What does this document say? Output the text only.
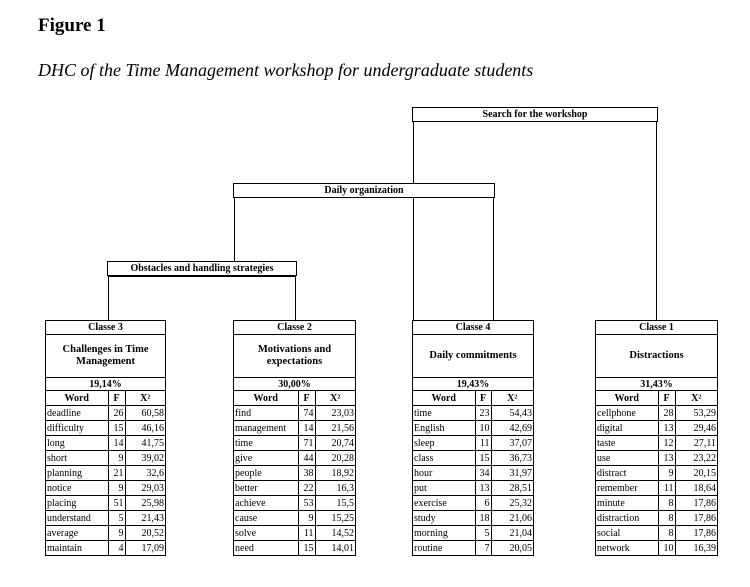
Figure 1
DHC of the Time Management workshop for undergraduate students
Search for the workshop
Daily organization
Obstacles and handling strategies
Classe 3
Challenges in Time Management
19,14%
Word	F	X²
deadline	26	60,58
difficulty	15	46,16
long	14	41,75
short	9	39,02
planning	21	32,6
notice	9	29,03
placing	51	25,98
understand	5	21,43
average	9	20,52
maintain	4	17,09
Classe 2
Motivations and expectations
30,00%
Word	F	X²
find	74	23,03
management	14	21,56
time	71	20,74
give	44	20,28
people	38	18,92
better	22	16,3
achieve	53	15,5
cause	9	15,25
solve	11	14,52
need	15	14,01
Classe 4
Daily commitments
19,43%
Word	F	X²
time	23	54,43
English	10	42,69
sleep	11	37,07
class	15	36,73
hour	34	31,97
put	13	28,51
exercise	6	25,32
study	18	21,06
morning	5	21,04
routine	7	20,05
Classe 1
Distractions
31,43%
Word	F	X²
cellphone	28	53,29
digital	13	29,46
taste	12	27,11
use	13	23,22
distract	9	20,15
remember	11	18,64
minute	8	17,86
distraction	8	17,86
social	8	17,86
network	10	16,39
